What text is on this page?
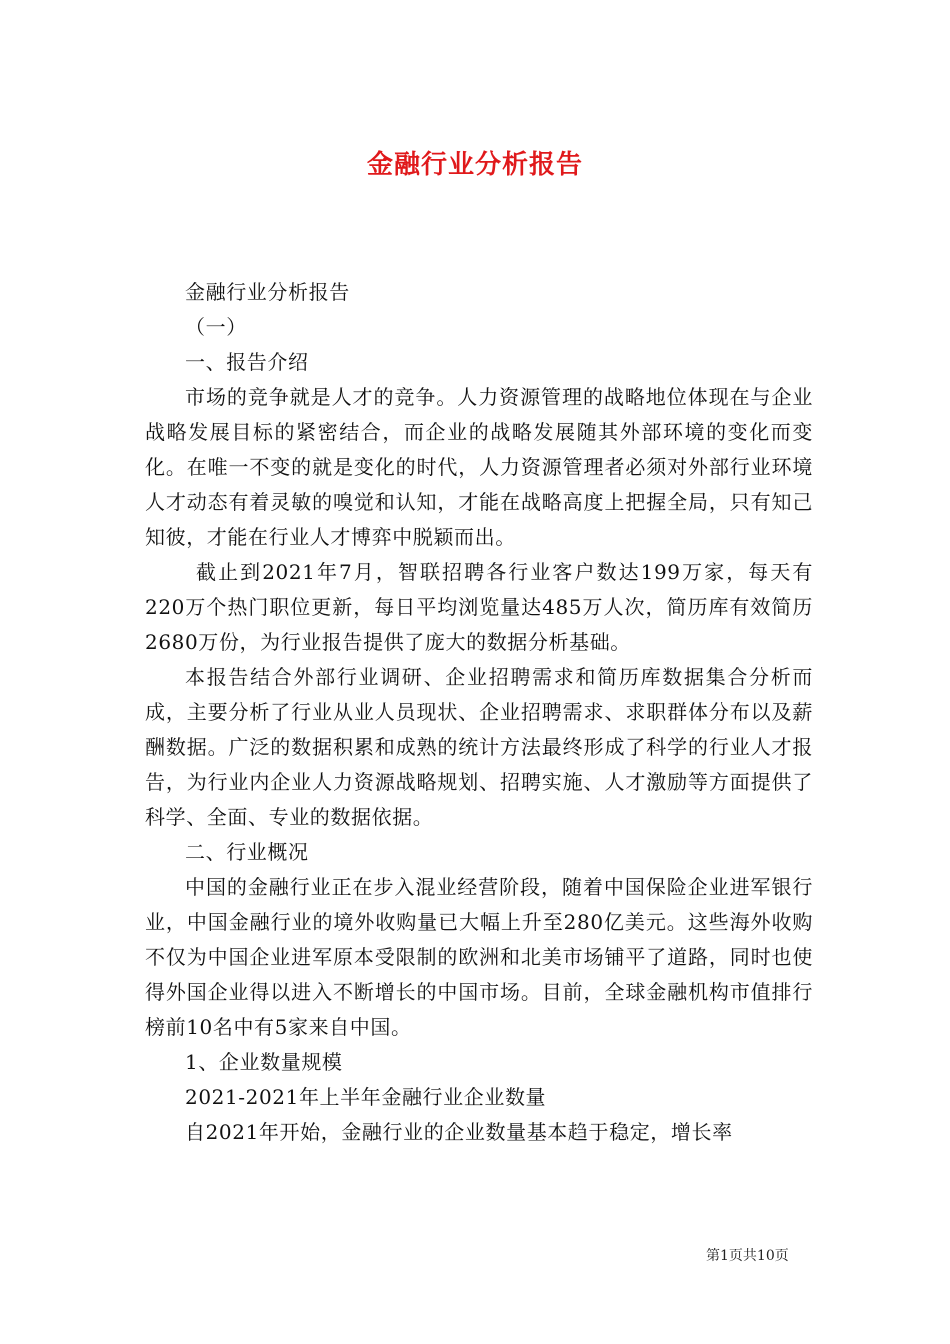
金融行业分析报告

金融行业分析报告

（一）

一、报告介绍

市场的竞争就是人才的竞争。人力资源管理的战略地位体现在与企业战略发展目标的紧密结合，而企业的战略发展随其外部环境的变化而变化。在唯一不变的就是变化的时代，人力资源管理者必须对外部行业环境人才动态有着灵敏的嗅觉和认知，才能在战略高度上把握全局，只有知己知彼，才能在行业人才博弈中脱颖而出。

截止到2021年7月，智联招聘各行业客户数达199万家，每天有220万个热门职位更新，每日平均浏览量达485万人次，简历库有效简历2680万份，为行业报告提供了庞大的数据分析基础。

本报告结合外部行业调研、企业招聘需求和简历库数据集合分析而成，主要分析了行业从业人员现状、企业招聘需求、求职群体分布以及薪酬数据。广泛的数据积累和成熟的统计方法最终形成了科学的行业人才报告，为行业内企业人力资源战略规划、招聘实施、人才激励等方面提供了科学、全面、专业的数据依据。

二、行业概况

中国的金融行业正在步入混业经营阶段，随着中国保险企业进军银行业，中国金融行业的境外收购量已大幅上升至280亿美元。这些海外收购不仅为中国企业进军原本受限制的欧洲和北美市场铺平了道路，同时也使得外国企业得以进入不断增长的中国市场。目前，全球金融机构市值排行榜前10名中有5家来自中国。

1、企业数量规模

2021-2021年上半年金融行业企业数量

自2021年开始，金融行业的企业数量基本趋于稳定，增长率

第1页共10页
